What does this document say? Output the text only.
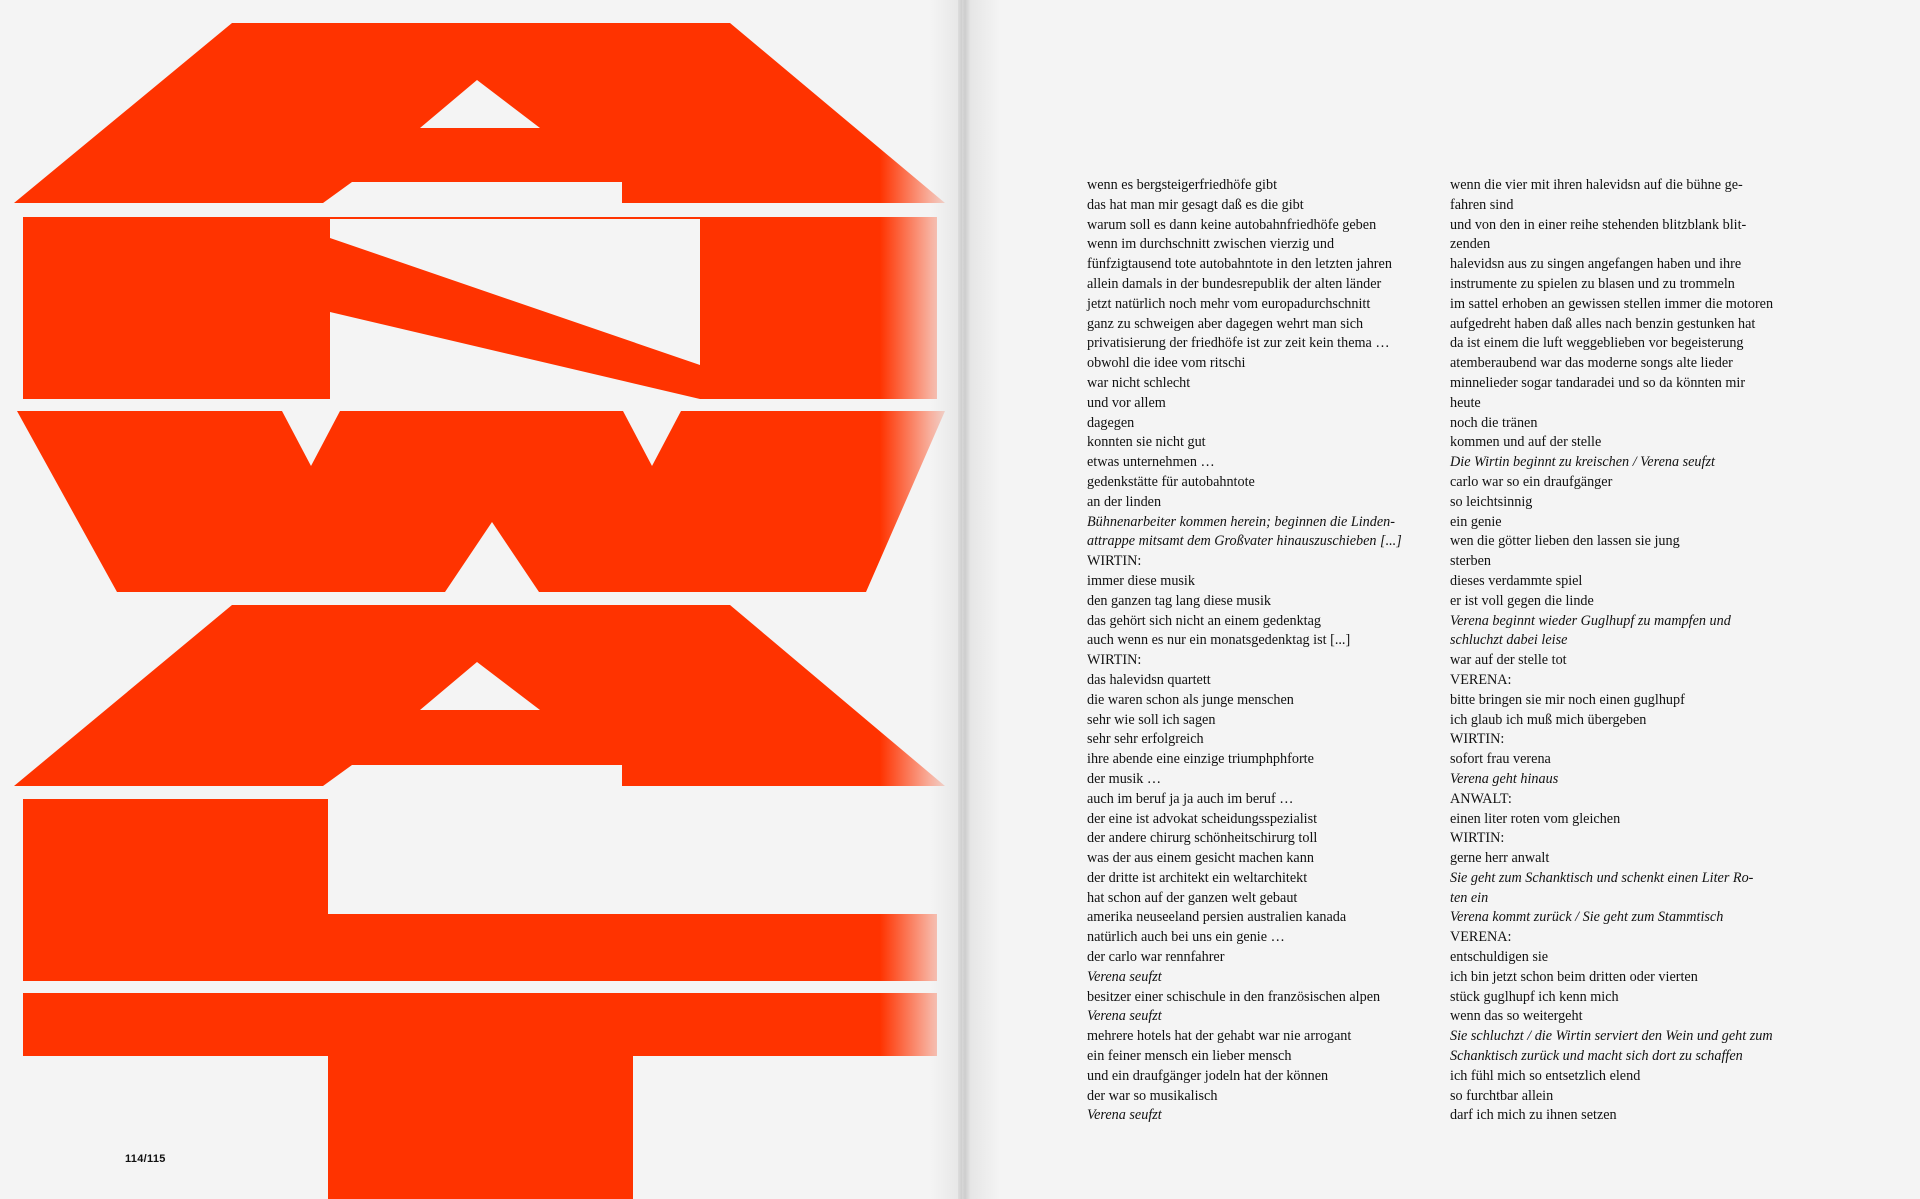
114/115
wenn es bergsteigerfriedhöfe gibt
das hat man mir gesagt daß es die gibt
warum soll es dann keine autobahnfriedhöfe geben
wenn im durchschnitt zwischen vierzig und
fünfzigtausend tote autobahntote in den letzten jahren
allein damals in der bundesrepublik der alten länder
jetzt natürlich noch mehr vom europadurchschnitt
ganz zu schweigen aber dagegen wehrt man sich
privatisierung der friedhöfe ist zur zeit kein thema …
obwohl die idee vom ritschi
war nicht schlecht
und vor allem
dagegen
konnten sie nicht gut
etwas unternehmen …
gedenkstätte für autobahntote
an der linden
Bühnenarbeiter kommen herein; beginnen die Linden-
attrappe mitsamt dem Großvater hinauszuschieben [...]
WIRTIN:
immer diese musik
den ganzen tag lang diese musik
das gehört sich nicht an einem gedenktag
auch wenn es nur ein monatsgedenktag ist [...]
WIRTIN:
das halevidsn quartett
die waren schon als junge menschen
sehr wie soll ich sagen
sehr sehr erfolgreich
ihre abende eine einzige triumphphforte
der musik …
auch im beruf ja ja auch im beruf …
der eine ist advokat scheidungsspezialist
der andere chirurg schönheitschirurg toll
was der aus einem gesicht machen kann
der dritte ist architekt ein weltarchitekt
hat schon auf der ganzen welt gebaut
amerika neuseeland persien australien kanada
natürlich auch bei uns ein genie …
der carlo war rennfahrer
Verena seufzt
besitzer einer schischule in den französischen alpen
Verena seufzt
mehrere hotels hat der gehabt war nie arrogant
ein feiner mensch ein lieber mensch
und ein draufgänger jodeln hat der können
der war so musikalisch
Verena seufzt
wenn die vier mit ihren halevidsn auf die bühne ge-
fahren sind
und von den in einer reihe stehenden blitzblank blit-
zenden
halevidsn aus zu singen angefangen haben und ihre
instrumente zu spielen zu blasen und zu trommeln
im sattel erhoben an gewissen stellen immer die motoren
aufgedreht haben daß alles nach benzin gestunken hat
da ist einem die luft weggeblieben vor begeisterung
atemberaubend war das moderne songs alte lieder
minnelieder sogar tandaradei und so da könnten mir
heute
noch die tränen
kommen und auf der stelle
Die Wirtin beginnt zu kreischen / Verena seufzt
carlo war so ein draufgänger
so leichtsinnig
ein genie
wen die götter lieben den lassen sie jung
sterben
dieses verdammte spiel
er ist voll gegen die linde
Verena beginnt wieder Guglhupf zu mampfen und
schluchzt dabei leise
war auf der stelle tot
VERENA:
bitte bringen sie mir noch einen guglhupf
ich glaub ich muß mich übergeben
WIRTIN:
sofort frau verena
Verena geht hinaus
ANWALT:
einen liter roten vom gleichen
WIRTIN:
gerne herr anwalt
Sie geht zum Schanktisch und schenkt einen Liter Ro-
ten ein
Verena kommt zurück / Sie geht zum Stammtisch
VERENA:
entschuldigen sie
ich bin jetzt schon beim dritten oder vierten
stück guglhupf ich kenn mich
wenn das so weitergeht
Sie schluchzt / die Wirtin serviert den Wein und geht zum
Schanktisch zurück und macht sich dort zu schaffen
ich fühl mich so entsetzlich elend
so furchtbar allein
darf ich mich zu ihnen setzen
